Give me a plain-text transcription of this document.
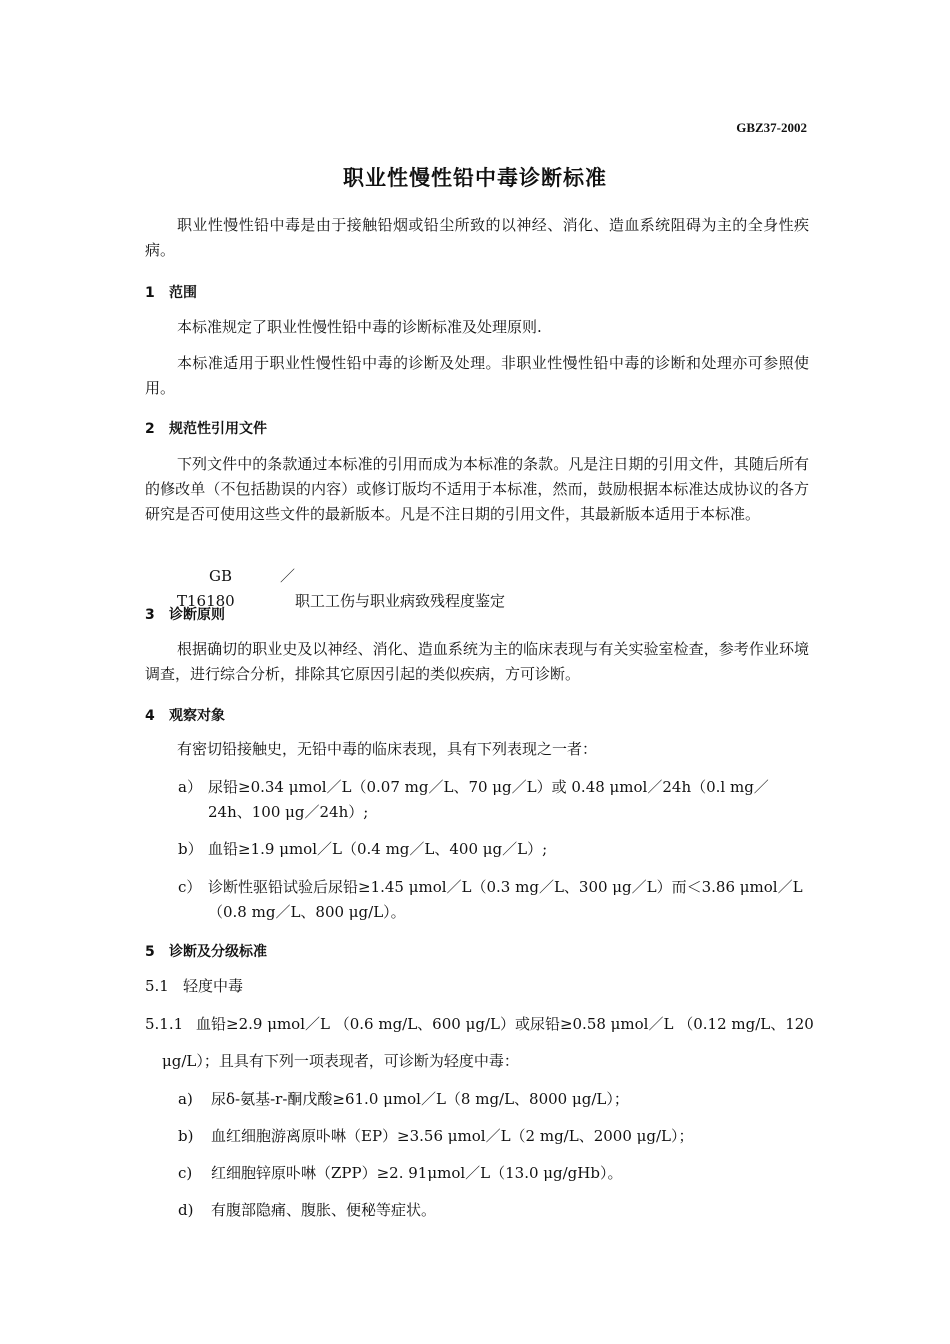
GBZ37-2002
职业性慢性铅中毒诊断标准
职业性慢性铅中毒是由于接触铅烟或铅尘所致的以神经、消化、造血系统阻碍为主的全身性疾病。
1 范围
本标准规定了职业性慢性铅中毒的诊断标准及处理原则.
本标准适用于职业性慢性铅中毒的诊断及处理。非职业性慢性铅中毒的诊断和处理亦可参照使用。
2 规范性引用文件
下列文件中的条款通过本标准的引用而成为本标准的条款。凡是注日期的引用文件，其随后所有的修改单（不包括勘误的内容）或修订版均不适用于本标准，然而，鼓励根据本标准达成协议的各方研究是否可使用这些文件的最新版本。凡是不注日期的引用文件，其最新版本适用于本标准。
GB／T16180	职工工伤与职业病致残程度鉴定
3 诊断原则
根据确切的职业史及以神经、消化、造血系统为主的临床表现与有关实验室检查，参考作业环境调查，进行综合分析，排除其它原因引起的类似疾病，方可诊断。
4 观察对象
有密切铅接触史，无铅中毒的临床表现，具有下列表现之一者：
a） 尿铅≥0.34 μmol／L（0.07 mg／L、70 μg／L）或 0.48 μmol／24h（0.l mg／24h、100 μg／24h）;
b） 血铅≥1.9 μmol／L（0.4 mg／L、400 μg／L）;
c） 诊断性驱铅试验后尿铅≥1.45 μmol／L（0.3 mg／L、300 μg／L）而＜3.86 μmol／L（0.8 mg／L、800 μg/L）。
5 诊断及分级标准
5.1 轻度中毒
5.1.1 血铅≥2.9 μmol／L （0.6 mg/L、600 μg/L）或尿铅≥0.58 μmol／L （0.12 mg/L、120
μg/L）；且具有下列一项表现者，可诊断为轻度中毒：
a) 尿δ-氨基-r-酮戊酸≥61.0 μmol／L（8 mg/L、8000 μg/L）；
b) 血红细胞游离原卟啉（EP）≥3.56 μmol／L（2 mg/L、2000 μg/L）；
c) 红细胞锌原卟啉（ZPP）≥2. 91μmol／L（13.0 μg/gHb）。
d) 有腹部隐痛、腹胀、便秘等症状。
